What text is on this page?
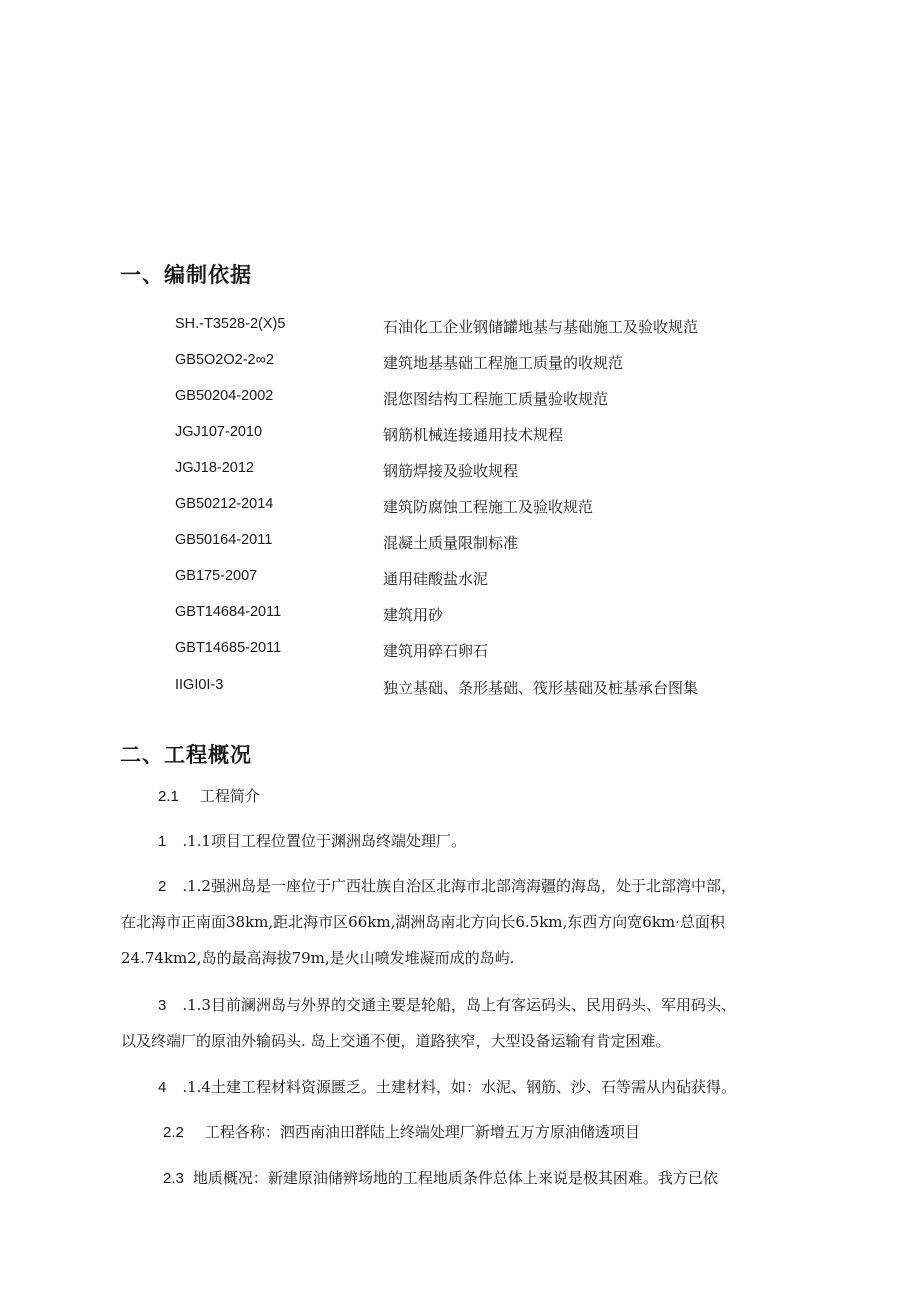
一、编制依据
SH.-T3528-2(X)5	石油化工企业钢储罐地基与基础施工及验收规范
GB5O2O2-2∞2	建筑地基基础工程施工质量的收规范
GB50204-2002	混您图结构工程施工质量验收规范
JGJ107-2010	钢筋机械连接通用技术规程
JGJ18-2012	钢筋焊接及验收规程
GB50212-2014	建筑防腐蚀工程施工及验收规范
GB50164-2011	混凝土质量限制标准
GB175-2007	通用硅酸盐水泥
GBT14684-2011	建筑用砂
GBT14685-2011	建筑用碎石卵石
IIGI0I-3	独立基础、条形基础、筏形基础及桩基承台图集
二、工程概况
2.1 工程简介
1 .1.1项目工程位置位于渊洲岛终端处理厂。
2 .1.2强洲岛是一座位于广西壮族自治区北海市北部湾海疆的海岛，处于北部湾中部，
在北海市正南面38km,距北海市区66km,湖洲岛南北方向长6.5km,东西方向宽6km·总面积
24.74km2,岛的最高海拔79m,是火山喷发堆凝而成的岛屿.
3 .1.3目前澜洲岛与外界的交通主要是轮船，岛上有客运码头、民用码头、军用码头、
以及终端厂的原油外输码头. 岛上交通不便，道路狭窄，大型设备运输有肯定困难。
4 .1.4土建工程材料资源匮乏。土建材料，如：水泥、钢筋、沙、石等需从内砧获得。
2.2 工程各称：泗西南油田群陆上终端处理厂新增五万方原油储透项目
2.3 地质概况：新建原油储辨场地的工程地质条件总体上来说是极其困难。我方已依
